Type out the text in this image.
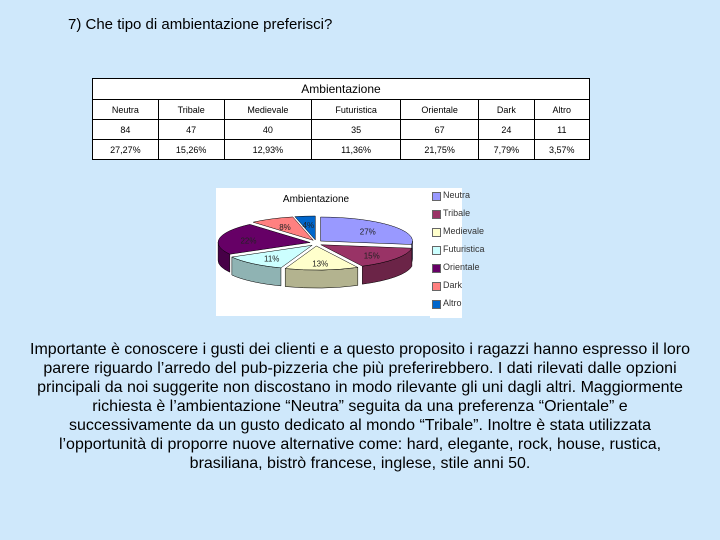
7) Che tipo di ambientazione preferisci?
Ambientazione						
Neutra	Tribale	Medievale	Futuristica	Orientale	Dark	Altro
84	47	40	35	67	24	11
27,27%	15,26%	12,93%	11,36%	21,75%	7,79%	3,57%
Ambientazione
27%
15%
13%
11%
22%
8% 4%
Neutra
Tribale
Medievale
Futuristica
Orientale
Dark
Altro
Importante è conoscere i gusti dei clienti e a questo proposito i ragazzi hanno espresso il loro parere riguardo l’arredo del pub-pizzeria che più preferirebbero. I dati rilevati dalle opzioni principali da noi suggerite non discostano in modo rilevante gli uni dagli altri. Maggiormente richiesta è l’ambientazione “Neutra” seguita da una preferenza “Orientale” e successivamente da un gusto dedicato al mondo “Tribale”. Inoltre è stata utilizzata l’opportunità di proporre nuove alternative come: hard, elegante, rock, house, rustica, brasiliana, bistrò francese, inglese, stile anni 50.
